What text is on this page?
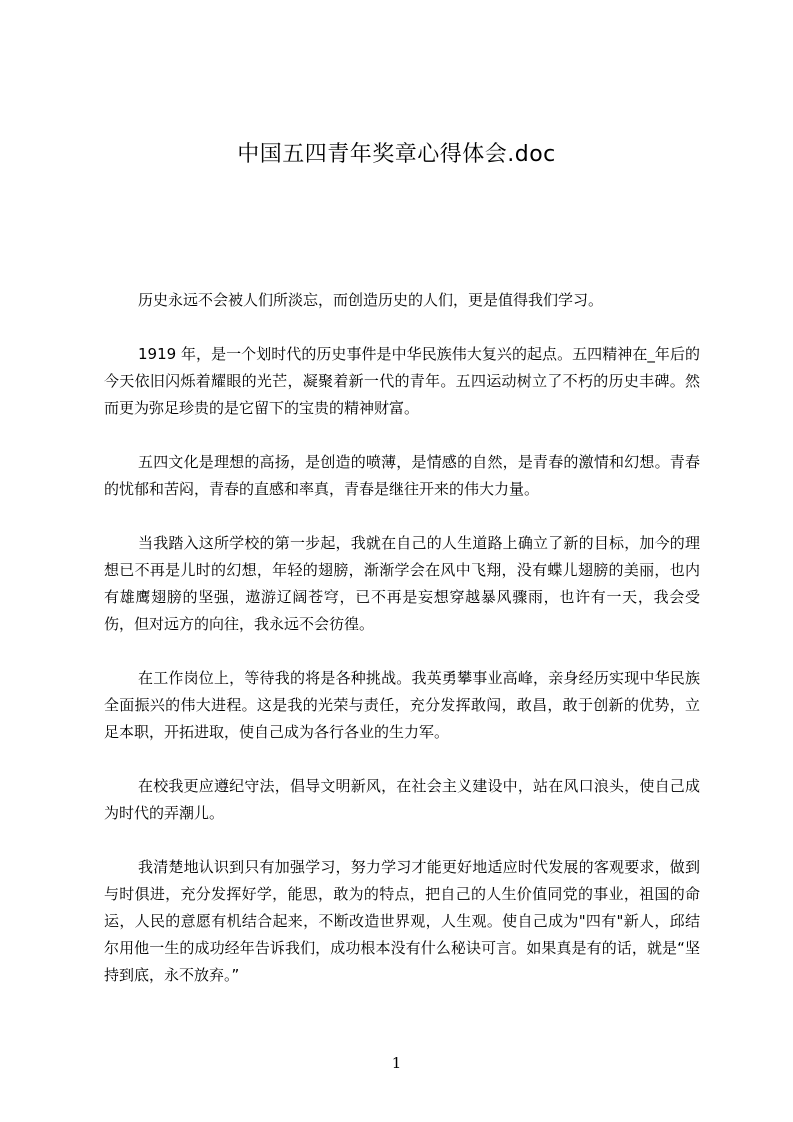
中国五四青年奖章心得体会.doc

历史永远不会被人们所淡忘，而创造历史的人们，更是值得我们学习。

1919 年，是一个划时代的历史事件是中华民族伟大复兴的起点。五四精神在_年后的今天依旧闪烁着耀眼的光芒，凝聚着新一代的青年。五四运动树立了不朽的历史丰碑。然而更为弥足珍贵的是它留下的宝贵的精神财富。

五四文化是理想的高扬，是创造的喷薄，是情感的自然，是青春的激情和幻想。青春的忧郁和苦闷，青春的直感和率真，青春是继往开来的伟大力量。

当我踏入这所学校的第一步起，我就在自己的人生道路上确立了新的目标，加今的理想已不再是儿时的幻想，年轻的翅膀，渐渐学会在风中飞翔，没有蝶儿翅膀的美丽，也内有雄鹰翅膀的坚强，遨游辽阔苍穹，已不再是妄想穿越暴风骤雨，也许有一天，我会受伤，但对远方的向往，我永远不会彷徨。

在工作岗位上，等待我的将是各种挑战。我英勇攀事业高峰，亲身经历实现中华民族全面振兴的伟大进程。这是我的光荣与责任，充分发挥敢闯，敢昌，敢于创新的优势，立足本职，开拓进取，使自己成为各行各业的生力军。

在校我更应遵纪守法，倡导文明新风，在社会主义建设中，站在风口浪头，使自己成为时代的弄潮儿。

我清楚地认识到只有加强学习，努力学习才能更好地适应时代发展的客观要求，做到与时俱进，充分发挥好学，能思，敢为的特点，把自己的人生价值同党的事业，祖国的命运，人民的意愿有机结合起来，不断改造世界观，人生观。使自己成为"四有"新人，邱结尔用他一生的成功经年告诉我们，成功根本没有什么秘诀可言。如果真是有的话，就是“坚持到底，永不放弃。”

1
